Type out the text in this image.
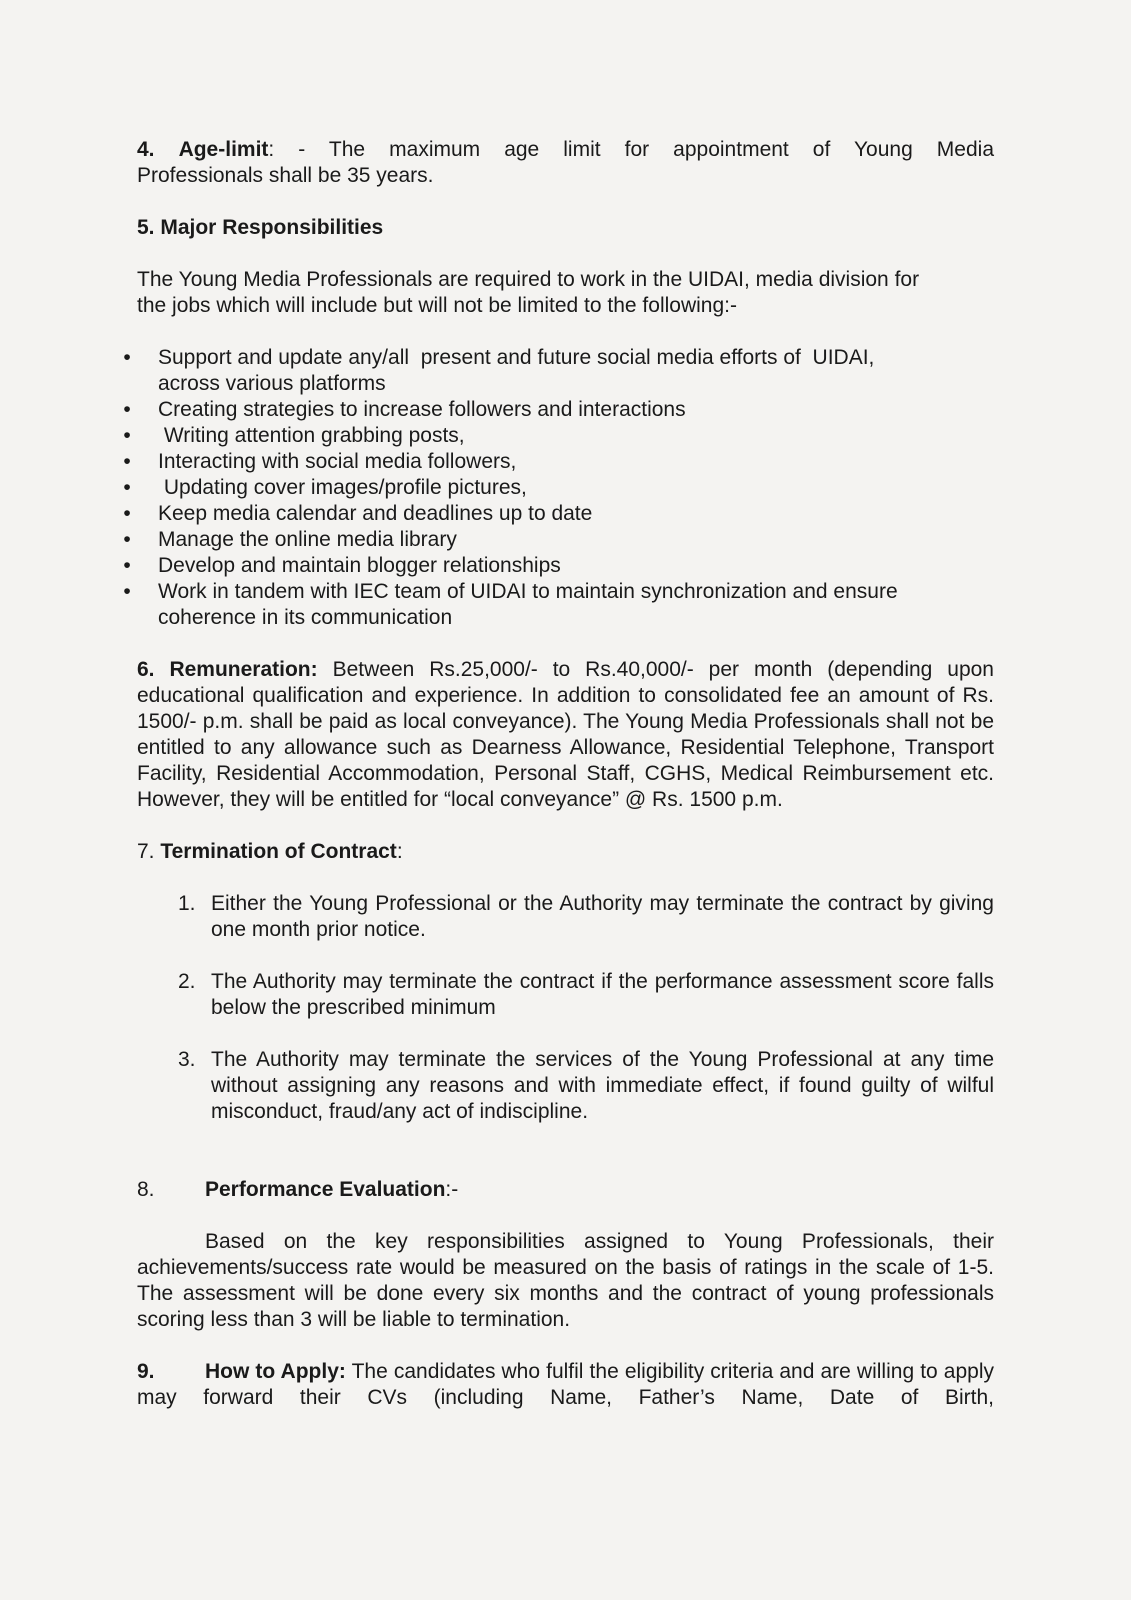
4. Age-limit: - The maximum age limit for appointment of Young Media

Professionals shall be 35 years.

5. Major Responsibilities

The Young Media Professionals are required to work in the UIDAI, media division for

the jobs which will include but will not be limited to the following:-

• Support and update any/all  present and future social media efforts of  UIDAI, across various platforms
• Creating strategies to increase followers and interactions
• Writing attention grabbing posts,
• Interacting with social media followers,
• Updating cover images/profile pictures,
• Keep media calendar and deadlines up to date
• Manage the online media library
• Develop and maintain blogger relationships
• Work in tandem with IEC team of UIDAI to maintain synchronization and ensure coherence in its communication

6. Remuneration: Between Rs.25,000/- to Rs.40,000/- per month (depending upon educational qualification and experience. In addition to consolidated fee an amount of Rs. 1500/- p.m. shall be paid as local conveyance). The Young Media Professionals shall not be entitled to any allowance such as Dearness Allowance, Residential Telephone, Transport Facility, Residential Accommodation, Personal Staff, CGHS, Medical Reimbursement etc. However, they will be entitled for “local conveyance” @ Rs. 1500 p.m.

7. Termination of Contract:

1. Either the Young Professional or the Authority may terminate the contract by giving one month prior notice.
2. The Authority may terminate the contract if the performance assessment score falls below the prescribed minimum
3. The Authority may terminate the services of the Young Professional at any time without assigning any reasons and with immediate effect, if found guilty of wilful misconduct, fraud/any act of indiscipline.

8. Performance Evaluation:-

Based on the key responsibilities assigned to Young Professionals, their achievements/success rate would be measured on the basis of ratings in the scale of 1-5. The assessment will be done every six months and the contract of young professionals scoring less than 3 will be liable to termination.

9. How to Apply: The candidates who fulfil the eligibility criteria and are willing to apply may forward their CVs (including Name, Father’s Name, Date of Birth,
